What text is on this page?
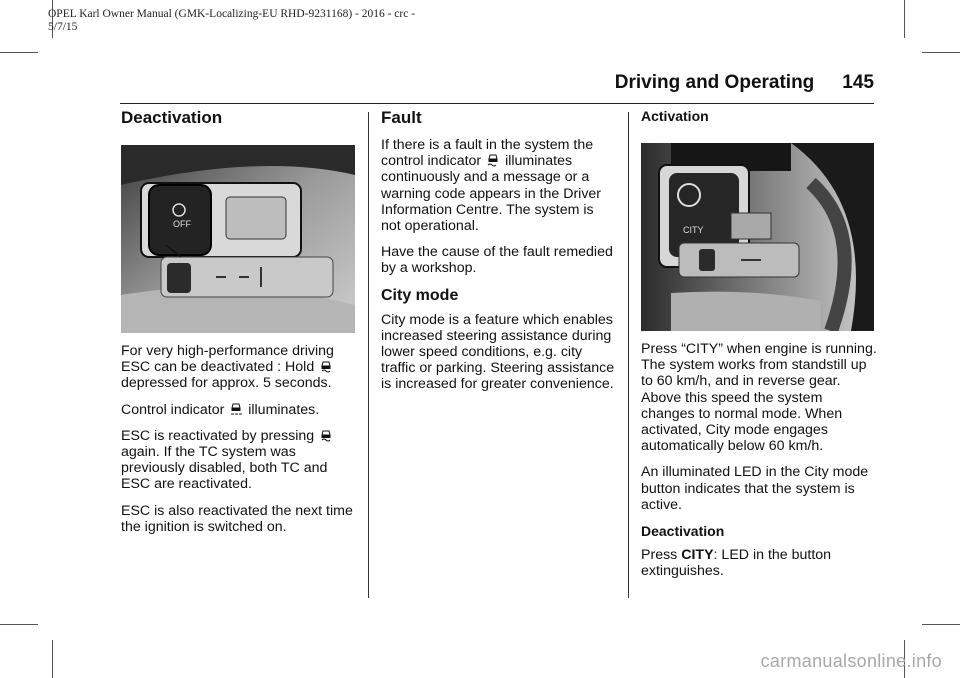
OPEL Karl Owner Manual (GMK-Localizing-EU RHD-9231168) - 2016 - crc -
5/7/15
Driving and Operating 145
Deactivation
OFF

For very high-performance driving ESC can be deactivated : Hold
depressed for approx. 5 seconds.

Control indicator illuminates.

ESC is reactivated by pressing
again. If the TC system was previously disabled, both TC and ESC are reactivated.

ESC is also reactivated the next time the ignition is switched on.

Fault

If there is a fault in the system the control indicator illuminates continuously and a message or a warning code appears in the Driver Information Centre. The system is not operational.

Have the cause of the fault remedied by a workshop.

City mode

City mode is a feature which enables increased steering assistance during lower speed conditions, e.g. city traffic or parking. Steering assistance is increased for greater convenience.

Activation
CITY

Press “CITY” when engine is running. The system works from standstill up to 60 km/h, and in reverse gear. Above this speed the system changes to normal mode. When activated, City mode engages automatically below 60 km/h.

An illuminated LED in the City mode button indicates that the system is active.

Deactivation

Press CITY: LED in the button extinguishes.

carmanualsonline.info
